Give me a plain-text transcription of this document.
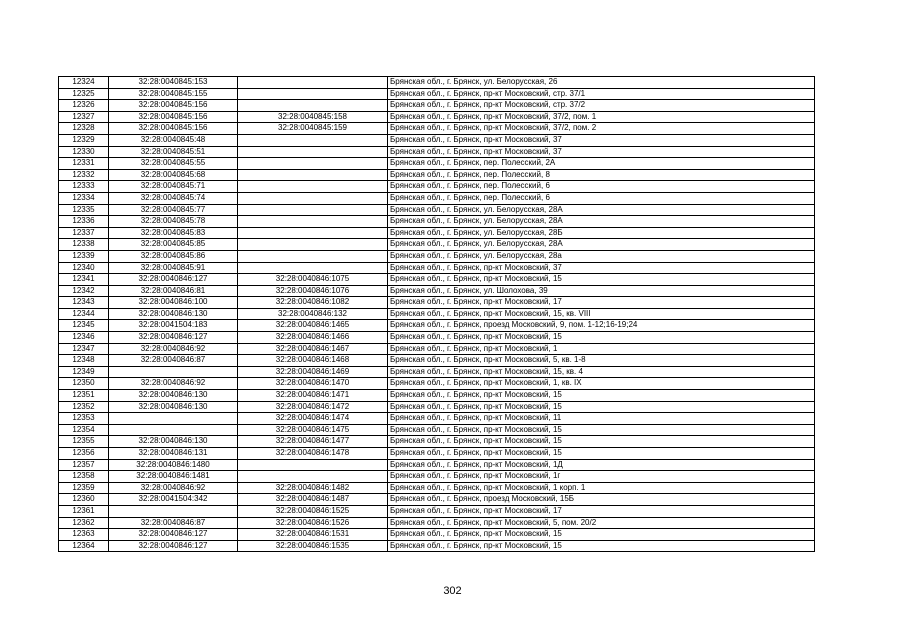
12324	32:28:0040845:153		Брянская обл., г. Брянск, ул. Белорусская, 26
12325	32:28:0040845:155		Брянская обл., г. Брянск, пр-кт Московский, стр. 37/1
12326	32:28:0040845:156		Брянская обл., г. Брянск, пр-кт Московский, стр. 37/2
12327	32:28:0040845:156	32:28:0040845:158	Брянская обл., г. Брянск, пр-кт Московский, 37/2, пом. 1
12328	32:28:0040845:156	32:28:0040845:159	Брянская обл., г. Брянск, пр-кт Московский, 37/2, пом. 2
12329	32:28:0040845:48		Брянская обл., г. Брянск, пр-кт Московский, 37
12330	32:28:0040845:51		Брянская обл., г. Брянск, пр-кт Московский, 37
12331	32:28:0040845:55		Брянская обл., г. Брянск, пер. Полесский, 2А
12332	32:28:0040845:68		Брянская обл., г. Брянск, пер. Полесский, 8
12333	32:28:0040845:71		Брянская обл., г. Брянск, пер. Полесский, 6
12334	32:28:0040845:74		Брянская обл., г. Брянск, пер. Полесский, 6
12335	32:28:0040845:77		Брянская обл., г. Брянск, ул. Белорусская, 28А
12336	32:28:0040845:78		Брянская обл., г. Брянск, ул. Белорусская, 28А
12337	32:28:0040845:83		Брянская обл., г. Брянск, ул. Белорусская, 28Б
12338	32:28:0040845:85		Брянская обл., г. Брянск, ул. Белорусская, 28А
12339	32:28:0040845:86		Брянская обл., г. Брянск, ул. Белорусская, 28а
12340	32:28:0040845:91		Брянская обл., г. Брянск, пр-кт Московский, 37
12341	32:28:0040846:127	32:28:0040846:1075	Брянская обл., г. Брянск, пр-кт Московский, 15
12342	32:28:0040846:81	32:28:0040846:1076	Брянская обл., г. Брянск, ул. Шолохова, 39
12343	32:28:0040846:100	32:28:0040846:1082	Брянская обл., г. Брянск, пр-кт Московский, 17
12344	32:28:0040846:130	32:28:0040846:132	Брянская обл., г. Брянск, пр-кт Московский, 15, кв. VIII
12345	32:28:0041504:183	32:28:0040846:1465	Брянская обл., г. Брянск, проезд Московский, 9, пом. 1-12;16-19;24
12346	32:28:0040846:127	32:28:0040846:1466	Брянская обл., г. Брянск, пр-кт Московский, 15
12347	32:28:0040846:92	32:28:0040846:1467	Брянская обл., г. Брянск, пр-кт Московский, 1
12348	32:28:0040846:87	32:28:0040846:1468	Брянская обл., г. Брянск, пр-кт Московский, 5, кв. 1-8
12349		32:28:0040846:1469	Брянская обл., г. Брянск, пр-кт Московский, 15, кв. 4
12350	32:28:0040846:92	32:28:0040846:1470	Брянская обл., г. Брянск, пр-кт Московский, 1, кв. IX
12351	32:28:0040846:130	32:28:0040846:1471	Брянская обл., г. Брянск, пр-кт Московский, 15
12352	32:28:0040846:130	32:28:0040846:1472	Брянская обл., г. Брянск, пр-кт Московский, 15
12353		32:28:0040846:1474	Брянская обл., г. Брянск, пр-кт Московский, 11
12354		32:28:0040846:1475	Брянская обл., г. Брянск, пр-кт Московский, 15
12355	32:28:0040846:130	32:28:0040846:1477	Брянская обл., г. Брянск, пр-кт Московский, 15
12356	32:28:0040846:131	32:28:0040846:1478	Брянская обл., г. Брянск, пр-кт Московский, 15
12357	32:28:0040846:1480		Брянская обл., г. Брянск, пр-кт Московский, 1Д
12358	32:28:0040846:1481		Брянская обл., г. Брянск, пр-кт Московский, 1г
12359	32:28:0040846:92	32:28:0040846:1482	Брянская обл., г. Брянск, пр-кт Московский, 1 корп. 1
12360	32:28:0041504:342	32:28:0040846:1487	Брянская обл., г. Брянск, проезд Московский, 15Б
12361		32:28:0040846:1525	Брянская обл., г. Брянск, пр-кт Московский, 17
12362	32:28:0040846:87	32:28:0040846:1526	Брянская обл., г. Брянск, пр-кт Московский, 5, пом. 20/2
12363	32:28:0040846:127	32:28:0040846:1531	Брянская обл., г. Брянск, пр-кт Московский, 15
12364	32:28:0040846:127	32:28:0040846:1535	Брянская обл., г. Брянск, пр-кт Московский, 15
302
